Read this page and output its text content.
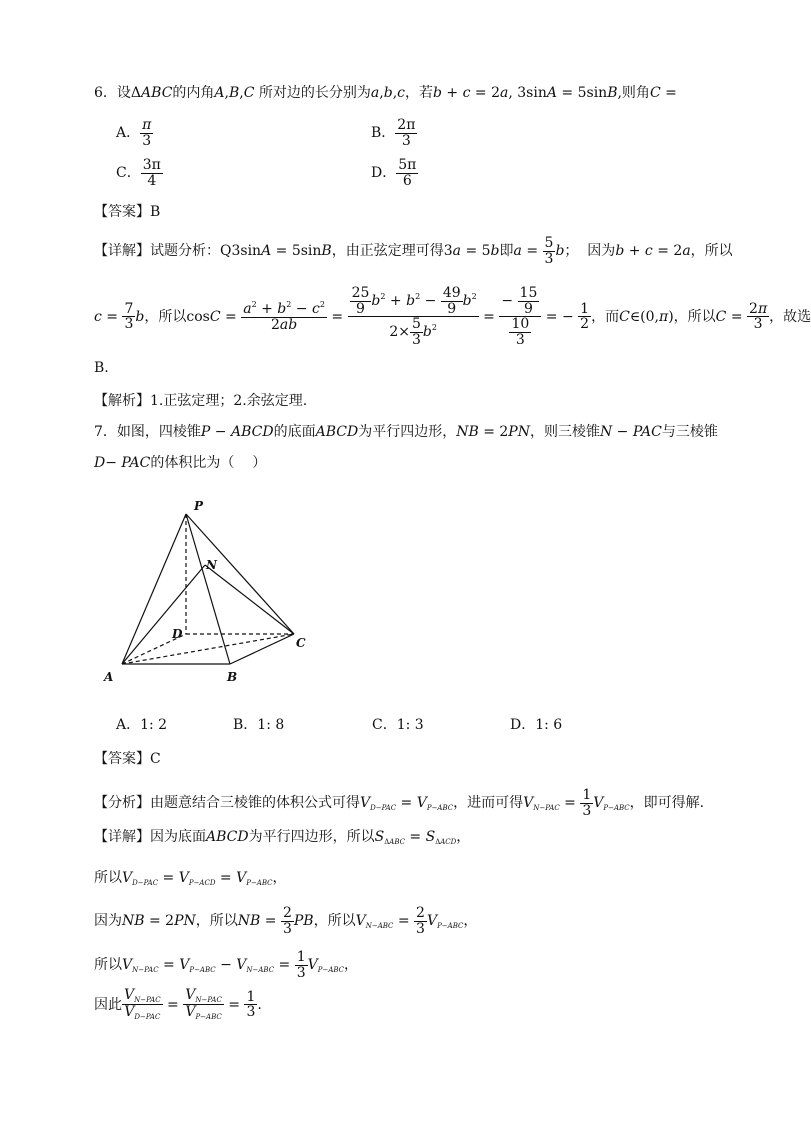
6．设ΔABC的内角A,B,C 所对边的长分别为a,b,c，若b + c = 2a, 3sinA = 5sinB,则角C =
A． $\frac{\pi}{3}$	B． $\frac{2\pi}{3}$
C． $\frac{3\pi}{4}$	D． $\frac{5\pi}{6}$
【答案】B
【详解】试题分析：Q3sinA = 5sinB，由正弦定理可得3a = 5b即$a = \frac{5}{3}$ b；  因为b + c = 2a，所以
$c = \frac{7}{3}$ b，所以$\cos C = \frac{a^2 + b^2 - c^2}{2ab} = \frac{\frac{25}{9} b^2 + b^2 - \frac{49}{9} b^2}{2\times \frac{5}{3} b^2} = \frac{- \frac{15}{9}}{\frac{10}{3}}$ = − $\frac{1}{2}$ ，而C∈(0,π)，所以$C = \frac{2\pi}{3}$ ，故选
B.
【解析】1.正弦定理；2.余弦定理.
7．如图，四棱锥P − ABCD的底面ABCD为平行四边形，NB = 2PN，则三棱锥N − PAC与三棱锥
D− PAC的体积比为（    ）
P
N
D
C
A	B
A．1: 2	B．1: 8	C．1: 3	D．1: 6
【答案】C
【分析】由题意结合三棱锥的体积公式可得$V_{D-PAC} = V_{P-ABC}$，进而可得$V_{N-PAC} = \frac{1}{3} V_{P-ABC}$，即可得解.
【详解】因为底面ABCD为平行四边形，所以$S_{\Delta ABC} = S_{\Delta ACD}$，
所以$V_{D-PAC} = V_{P-ACD} = V_{P-ABC}$，
因为NB = 2PN，所以NB = $\frac{2}{3}$ PB，所以$V_{N-ABC} = \frac{2}{3} V_{P-ABC}$，
所以$V_{N-PAC} = V_{P-ABC} - V_{N-ABC} = \frac{1}{3} V_{P-ABC}$，
因此 $\frac{V_{N-PAC}}{V_{D-PAC}} = \frac{V_{N-PAC}}{V_{P-ABC}} = \frac{1}{3}$ .
